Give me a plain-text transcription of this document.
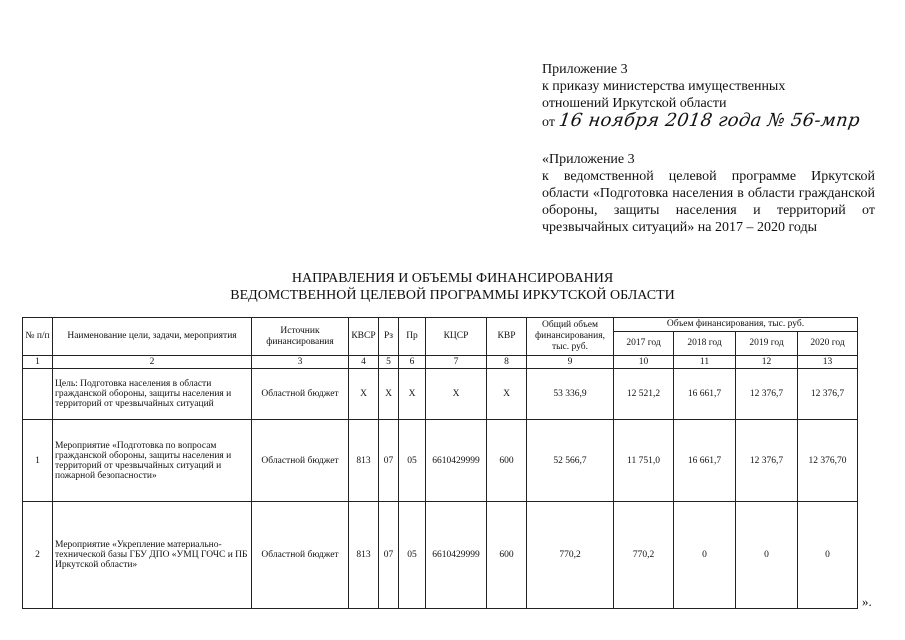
Приложение 3
к приказу министерства имущественных
отношений Иркутской области
от 16 ноября 2018 года № 56-мпр
«Приложение 3
к ведомственной целевой программе Иркутской области «Подготовка населения в области гражданской обороны, защиты населения и территорий от чрезвычайных ситуаций» на 2017 – 2020 годы
НАПРАВЛЕНИЯ И ОБЪЕМЫ ФИНАНСИРОВАНИЯ
ВЕДОМСТВЕННОЙ ЦЕЛЕВОЙ ПРОГРАММЫ ИРКУТСКОЙ ОБЛАСТИ
№ п/п	Наименование цели, задачи, мероприятия	Источник финансирования	КВСР	Рз	Пр	КЦСР	КВР	Общий объем финансирования, тыс. руб.	Объем финансирования, тыс. руб.			
									2017 год	2018 год	2019 год	2020 год
1	2	3	4	5	6	7	8	9	10	11	12	13
	Цель: Подготовка населения в области гражданской обороны, защиты населения и территорий от чрезвычайных ситуаций	Областной бюджет	X	X	X	X	X	53 336,9	12 521,2	16 661,7	12 376,7	12 376,7
1	Мероприятие «Подготовка по вопросам гражданской обороны, защиты населения и территорий от чрезвычайных ситуаций и пожарной безопасности»	Областной бюджет	813	07	05	6610429999	600	52 566,7	11 751,0	16 661,7	12 376,7	12 376,70
2	Мероприятие «Укрепление материально-технической базы ГБУ ДПО «УМЦ ГОЧС и ПБ Иркутской области»	Областной бюджет	813	07	05	6610429999	600	770,2	770,2	0	0	0
».
